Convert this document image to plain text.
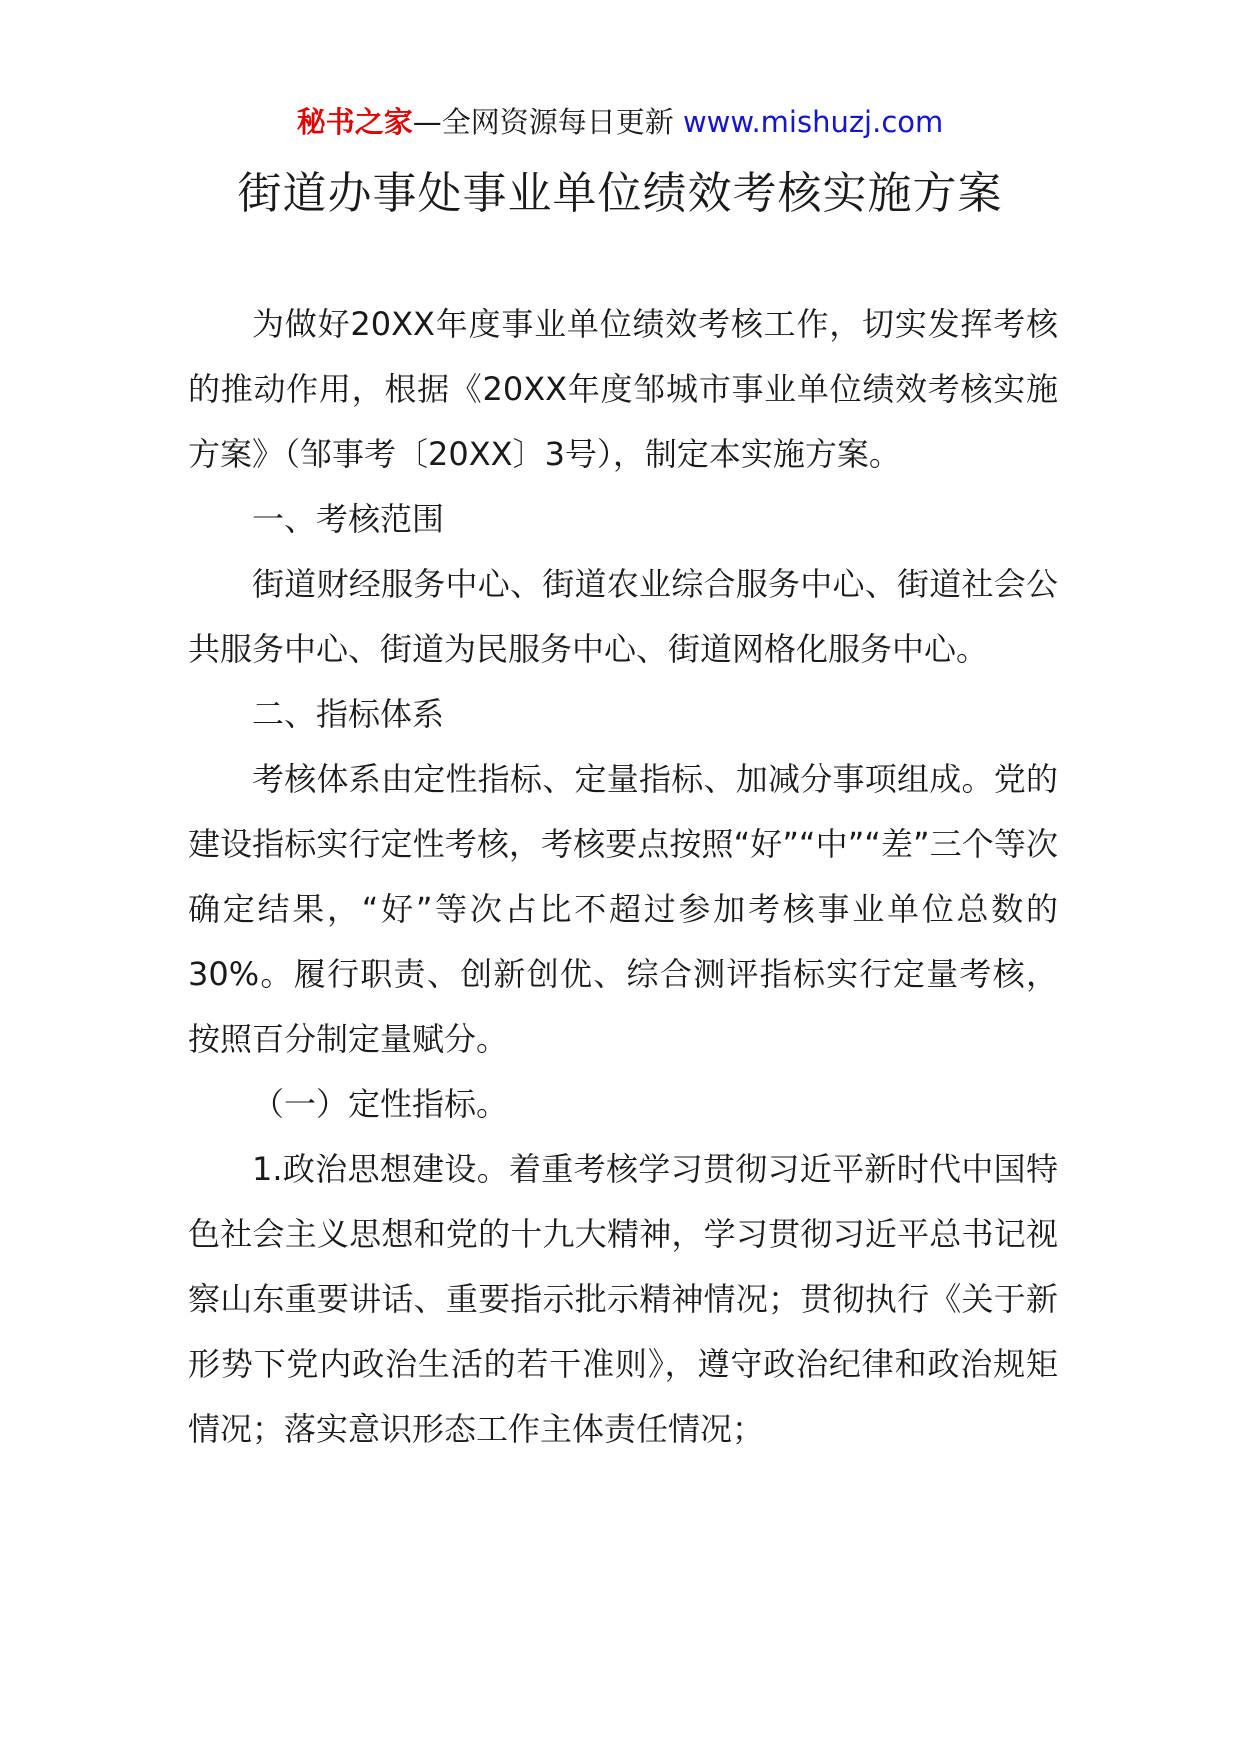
秘书之家—全网资源每日更新 www.mishuzj.com
街道办事处事业单位绩效考核实施方案

为做好20XX年度事业单位绩效考核工作，切实发挥考核的推动作用，根据《20XX年度邹城市事业单位绩效考核实施方案》（邹事考〔20XX〕3号），制定本实施方案。

一、考核范围

街道财经服务中心、街道农业综合服务中心、街道社会公共服务中心、街道为民服务中心、街道网格化服务中心。

二、指标体系

考核体系由定性指标、定量指标、加减分事项组成。党的建设指标实行定性考核，考核要点按照“好”“中”“差”三个等次确定结果，“好”等次占比不超过参加考核事业单位总数的30%。履行职责、创新创优、综合测评指标实行定量考核，按照百分制定量赋分。

（一）定性指标。

1.政治思想建设。着重考核学习贯彻习近平新时代中国特色社会主义思想和党的十九大精神，学习贯彻习近平总书记视察山东重要讲话、重要指示批示精神情况；贯彻执行《关于新形势下党内政治生活的若干准则》，遵守政治纪律和政治规矩情况；落实意识形态工作主体责任情况；
